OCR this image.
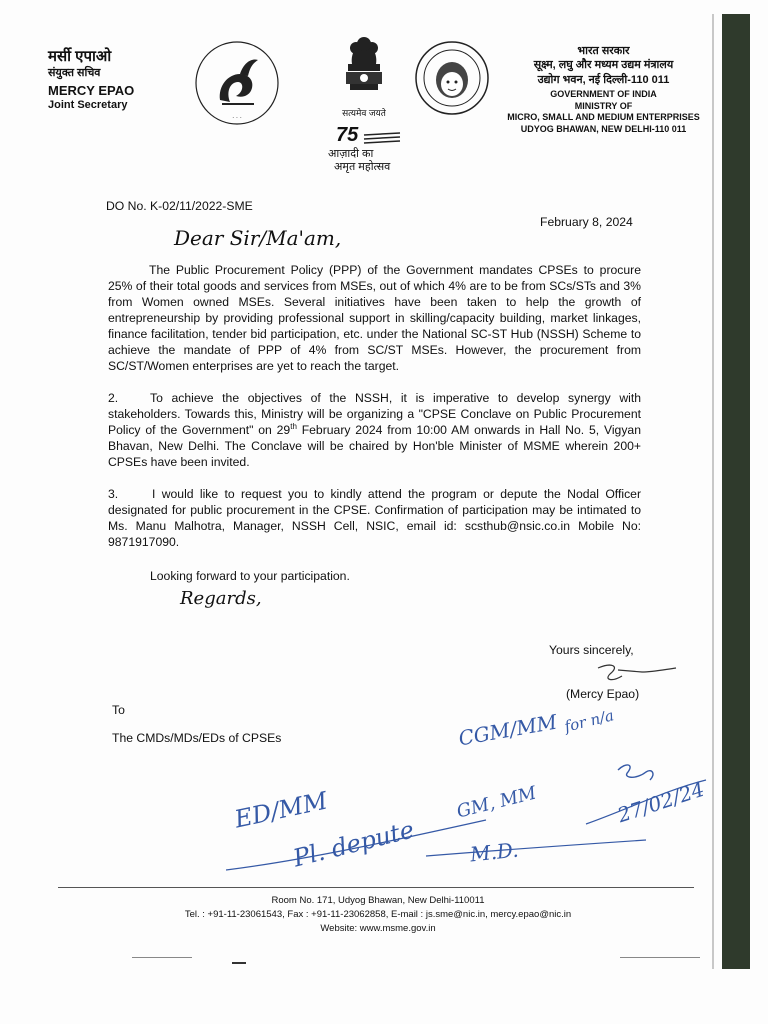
मर्सी एपाओ
संयुक्त सचिव
MERCY EPAO
Joint Secretary
· · ·
सत्यमेव जयते
75
आज़ादी का
अमृत महोत्सव
भारत सरकार
सूक्ष्म, लघु और मध्यम उद्यम मंत्रालय
उद्योग भवन, नई दिल्ली-110 011
GOVERNMENT OF INDIA
MINISTRY OF
MICRO, SMALL AND MEDIUM ENTERPRISES
UDYOG BHAWAN, NEW DELHI-110 011
DO No. K-02/11/2022-SME
February 8, 2024
Dear Sir/Ma'am,
The Public Procurement Policy (PPP) of the Government mandates CPSEs to procure 25% of their total goods and services from MSEs, out of which 4% are to be from SCs/STs and 3% from Women owned MSEs. Several initiatives have been taken to help the growth of entrepreneurship by providing professional support in skilling/capacity building, market linkages, finance facilitation, tender bid participation, etc. under the National SC-ST Hub (NSSH) Scheme to achieve the mandate of PPP of 4% from SC/ST MSEs. However, the procurement from SC/ST/Women enterprises are yet to reach the target.
2.	To achieve the objectives of the NSSH, it is imperative to develop synergy with stakeholders. Towards this, Ministry will be organizing a "CPSE Conclave on Public Procurement Policy of the Government" on 29th February 2024 from 10:00 AM onwards in Hall No. 5, Vigyan Bhavan, New Delhi. The Conclave will be chaired by Hon'ble Minister of MSME wherein 200+ CPSEs have been invited.
3.	I would like to request you to kindly attend the program or depute the Nodal Officer designated for public procurement in the CPSE. Confirmation of participation may be intimated to Ms. Manu Malhotra, Manager, NSSH Cell, NSIC, email id: scsthub@nsic.co.in Mobile No: 9871917090.
Looking forward to your participation.
Regards,
Yours sincerely,
(Mercy Epao)
To
The CMDs/MDs/EDs of CPSEs	CGM/MM for n/a
27/02/24
ED/MM
Pl. depute
GM, MM
M.D.
Room No. 171, Udyog Bhawan, New Delhi-110011
Tel. : +91-11-23061543, Fax : +91-11-23062858, E-mail : js.sme@nic.in, mercy.epao@nic.in
Website: www.msme.gov.in
